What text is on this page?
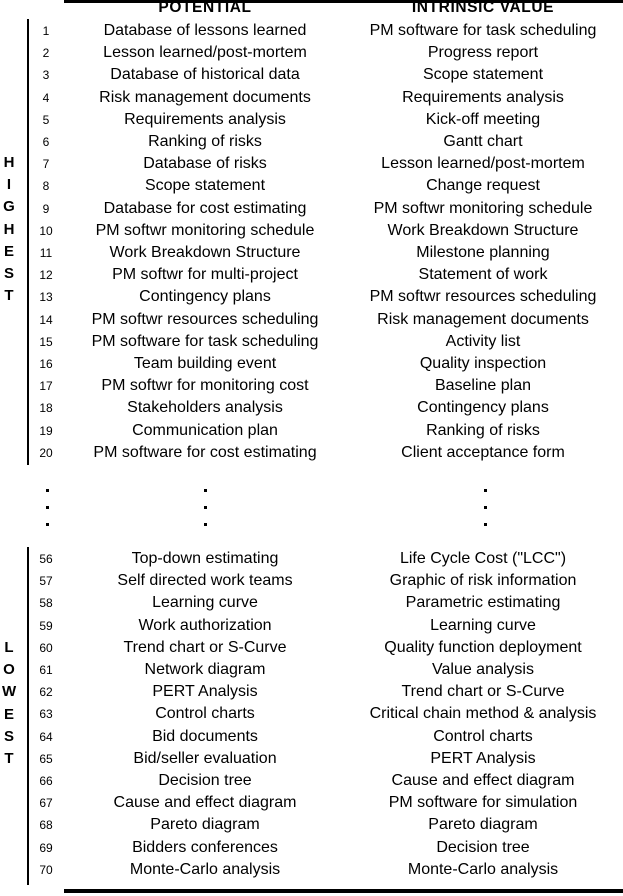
POTENTIAL	INTRINSIC VALUE
H
I
G
H
E
S
T
L
O
W
E
S
T
1	Database of lessons learned	PM software for task scheduling
2	Lesson learned/post-mortem	Progress report
3	Database of historical data	Scope statement
4	Risk management documents	Requirements analysis
5	Requirements analysis	Kick-off meeting
6	Ranking of risks	Gantt chart
7	Database of risks	Lesson learned/post-mortem
8	Scope statement	Change request
9	Database for cost estimating	PM softwr monitoring schedule
10	PM softwr monitoring schedule	Work Breakdown Structure
11	Work Breakdown Structure	Milestone planning
12	PM softwr for multi-project	Statement of work
13	Contingency plans	PM softwr resources scheduling
14	PM softwr resources scheduling	Risk management documents
15	PM software for task scheduling	Activity list
16	Team building event	Quality inspection
17	PM softwr for monitoring cost	Baseline plan
18	Stakeholders analysis	Contingency plans
19	Communication plan	Ranking of risks
20	PM software for cost estimating	Client acceptance form
56	Top-down estimating	Life Cycle Cost ("LCC")
57	Self directed work teams	Graphic of risk information
58	Learning curve	Parametric estimating
59	Work authorization	Learning curve
60	Trend chart or S-Curve	Quality function deployment
61	Network diagram	Value analysis
62	PERT Analysis	Trend chart or S-Curve
63	Control charts	Critical chain method & analysis
64	Bid documents	Control charts
65	Bid/seller evaluation	PERT Analysis
66	Decision tree	Cause and effect diagram
67	Cause and effect diagram	PM software for simulation
68	Pareto diagram	Pareto diagram
69	Bidders conferences	Decision tree
70	Monte-Carlo analysis	Monte-Carlo analysis
